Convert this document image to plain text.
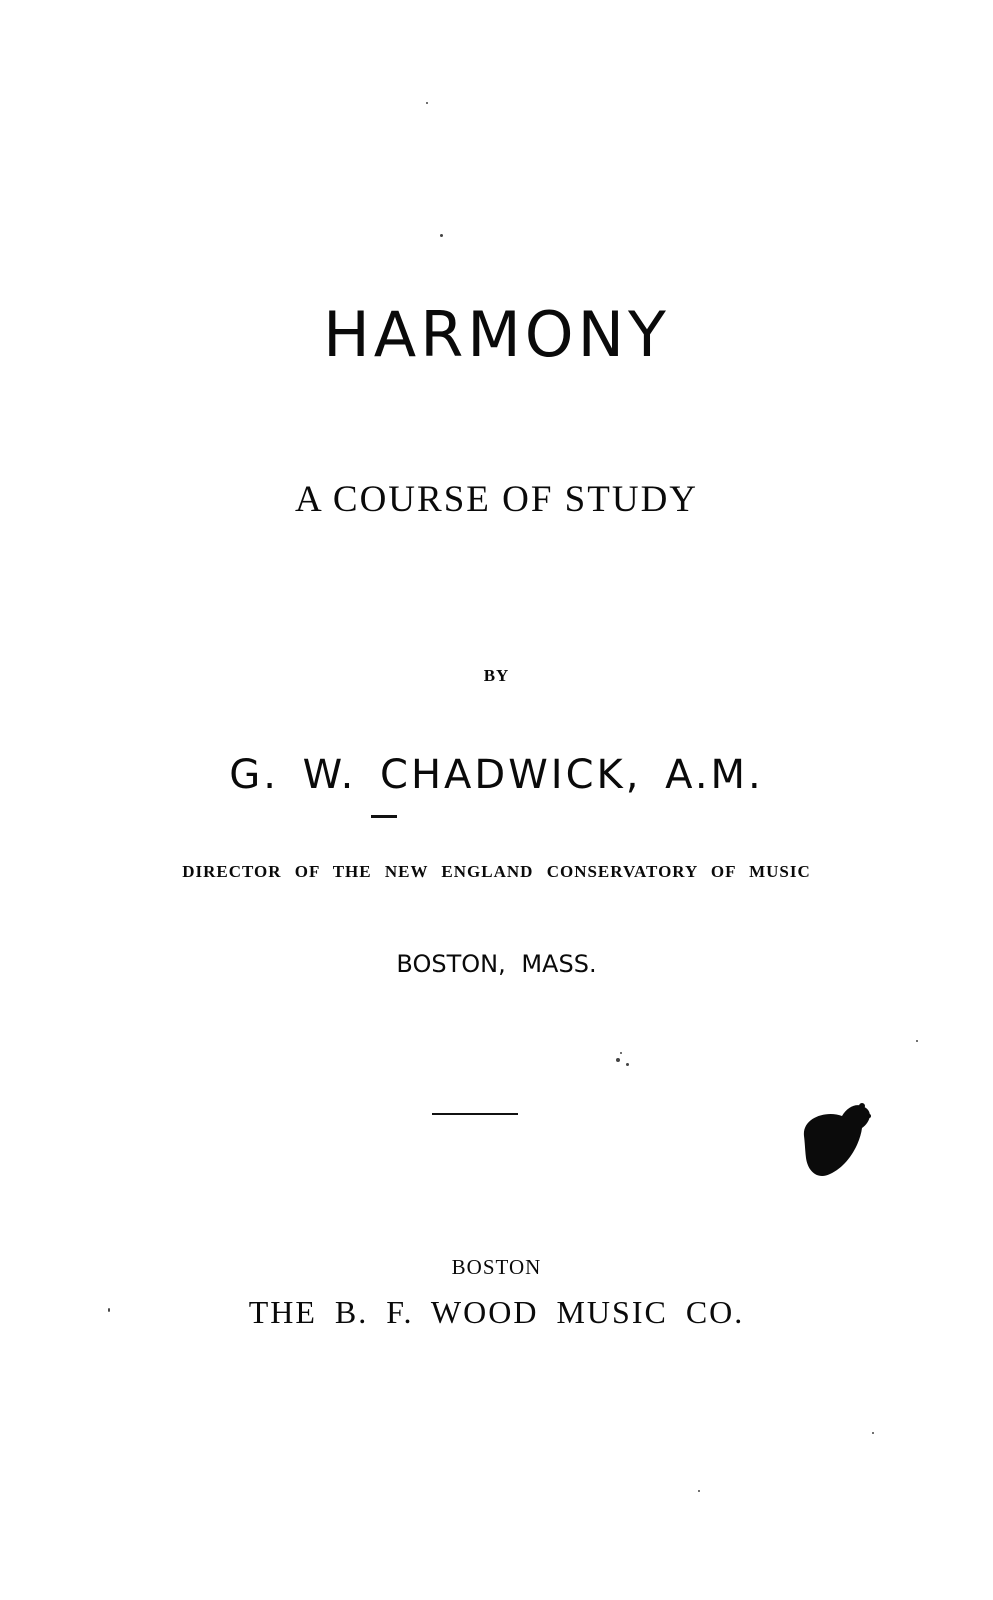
HARMONY
A COURSE OF STUDY
BY
G. W. CHADWICK, A.M.
DIRECTOR OF THE NEW ENGLAND CONSERVATORY OF MUSIC
BOSTON, MASS.
BOSTON
THE B. F. WOOD MUSIC CO.
